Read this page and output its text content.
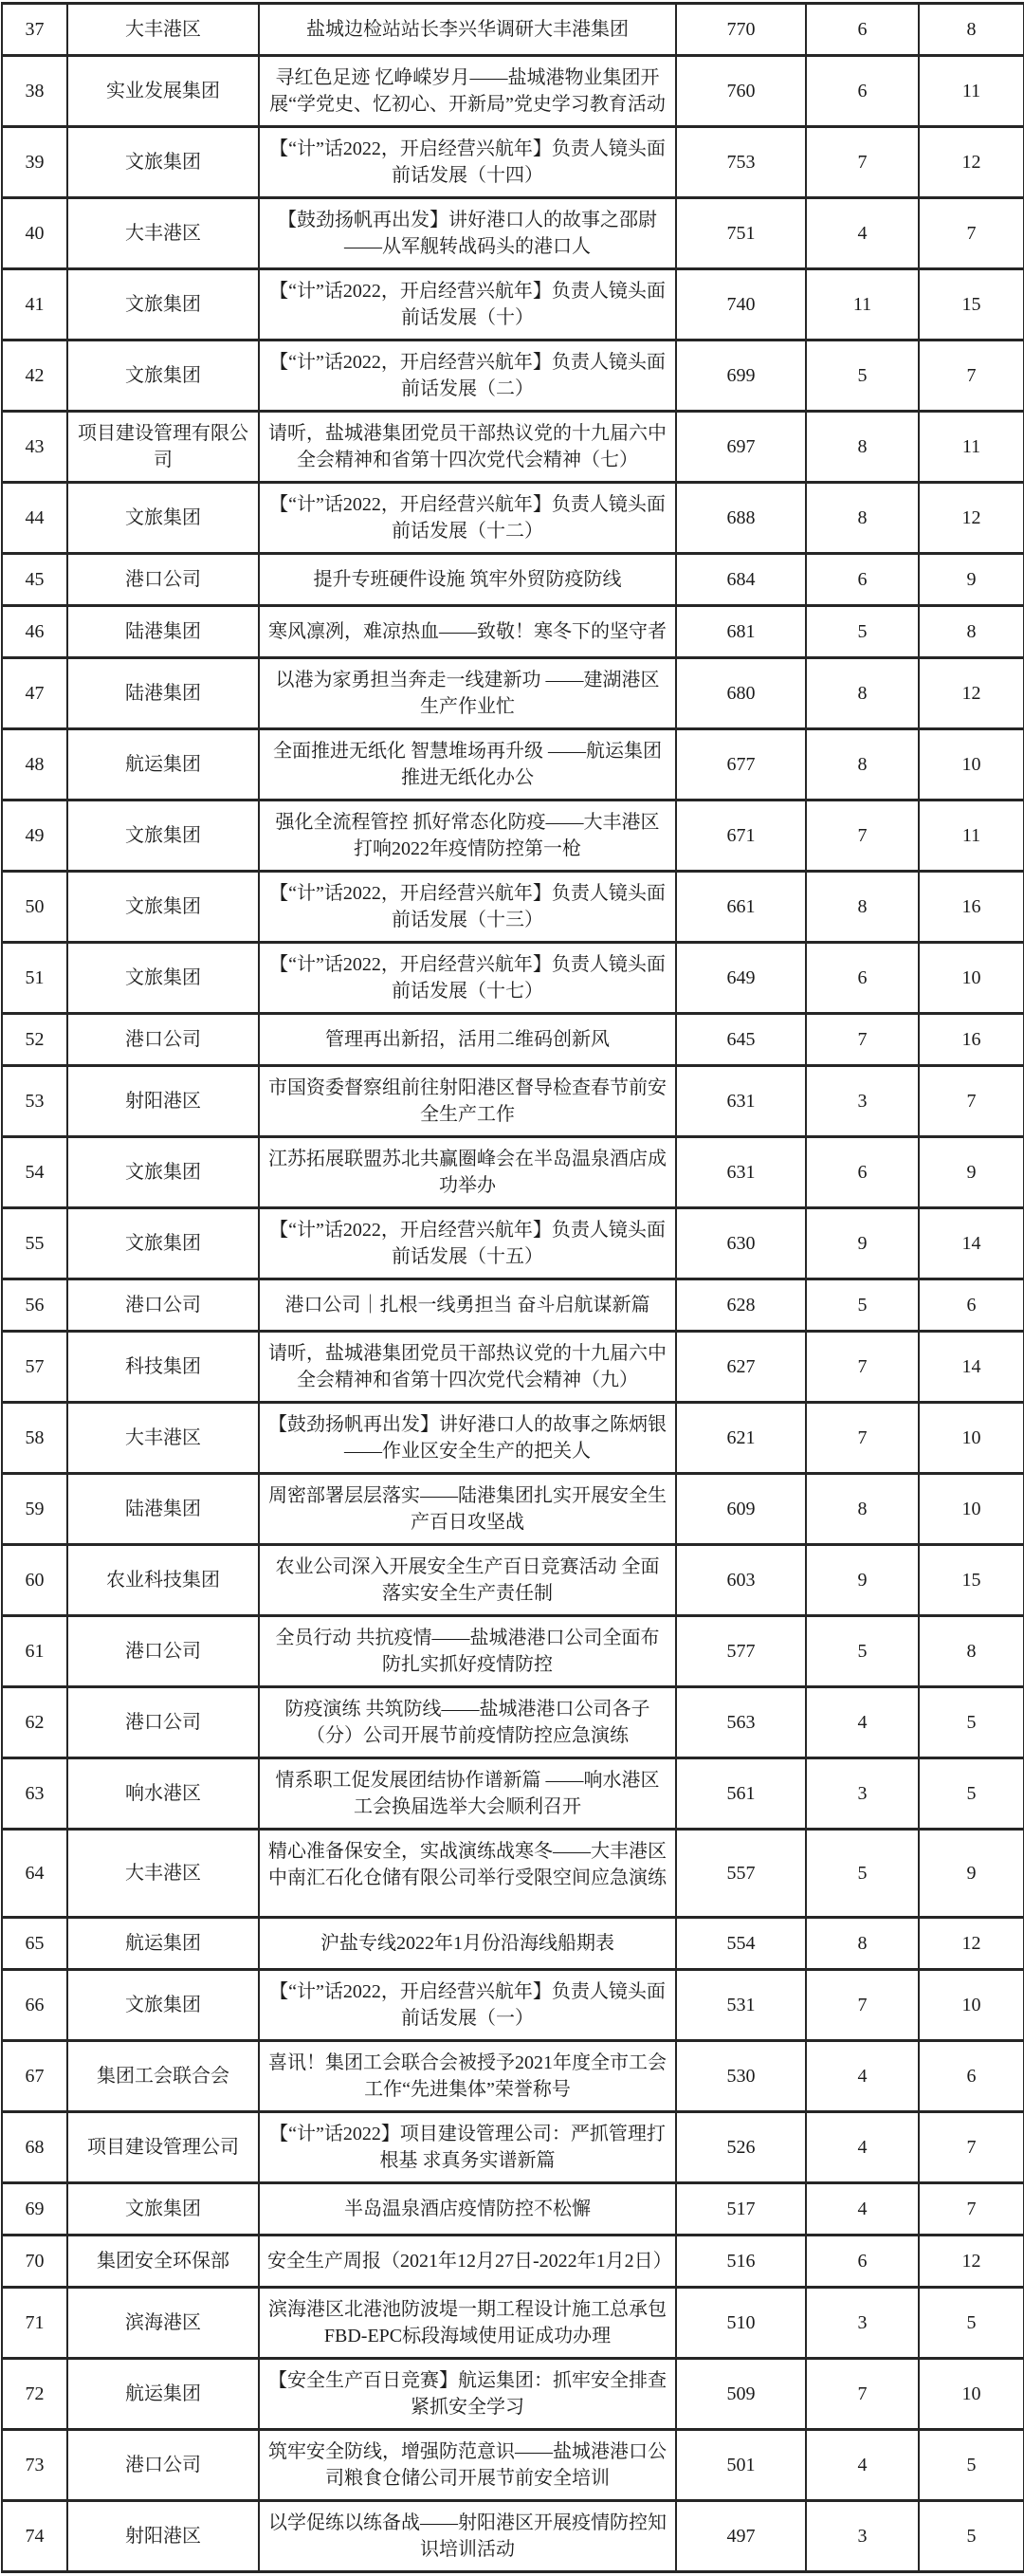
37	大丰港区	盐城边检站站长李兴华调研大丰港集团	770	6	8

38	实业发展集团	寻红色足迹 忆峥嵘岁月——盐城港物业集团开展“学党史、忆初心、开新局”党史学习教育活动	760	6	11

39	文旅集团	【“计”话2022，开启经营兴航年】负责人镜头面前话发展（十四）	753	7	12

40	大丰港区	【鼓劲扬帆再出发】讲好港口人的故事之邵尉——从军舰转战码头的港口人	751	4	7

41	文旅集团	【“计”话2022，开启经营兴航年】负责人镜头面前话发展（十）	740	11	15

42	文旅集团	【“计”话2022，开启经营兴航年】负责人镜头面前话发展（二）	699	5	7

43	项目建设管理有限公司	请听，盐城港集团党员干部热议党的十九届六中全会精神和省第十四次党代会精神（七）	697	8	11

44	文旅集团	【“计”话2022，开启经营兴航年】负责人镜头面前话发展（十二）	688	8	12

45	港口公司	提升专班硬件设施 筑牢外贸防疫防线	684	6	9

46	陆港集团	寒风凛冽，难凉热血——致敬！寒冬下的坚守者	681	5	8

47	陆港集团	以港为家勇担当奔走一线建新功 ——建湖港区生产作业忙	680	8	12

48	航运集团	全面推进无纸化 智慧堆场再升级 ——航运集团推进无纸化办公	677	8	10

49	文旅集团	强化全流程管控 抓好常态化防疫——大丰港区打响2022年疫情防控第一枪	671	7	11

50	文旅集团	【“计”话2022，开启经营兴航年】负责人镜头面前话发展（十三）	661	8	16

51	文旅集团	【“计”话2022，开启经营兴航年】负责人镜头面前话发展（十七）	649	6	10

52	港口公司	管理再出新招，活用二维码创新风	645	7	16

53	射阳港区	市国资委督察组前往射阳港区督导检查春节前安全生产工作	631	3	7

54	文旅集团	江苏拓展联盟苏北共赢圈峰会在半岛温泉酒店成功举办	631	6	9

55	文旅集团	【“计”话2022，开启经营兴航年】负责人镜头面前话发展（十五）	630	9	14

56	港口公司	港口公司｜扎根一线勇担当 奋斗启航谋新篇	628	5	6

57	科技集团	请听，盐城港集团党员干部热议党的十九届六中全会精神和省第十四次党代会精神（九）	627	7	14

58	大丰港区	【鼓劲扬帆再出发】讲好港口人的故事之陈炳银——作业区安全生产的把关人	621	7	10

59	陆港集团	周密部署层层落实——陆港集团扎实开展安全生产百日攻坚战	609	8	10

60	农业科技集团	农业公司深入开展安全生产百日竞赛活动 全面落实安全生产责任制	603	9	15

61	港口公司	全员行动 共抗疫情——盐城港港口公司全面布防扎实抓好疫情防控	577	5	8

62	港口公司	防疫演练 共筑防线——盐城港港口公司各子（分）公司开展节前疫情防控应急演练	563	4	5

63	响水港区	情系职工促发展团结协作谱新篇 ——响水港区工会换届选举大会顺利召开	561	3	5

64	大丰港区	精心准备保安全，实战演练战寒冬——大丰港区中南汇石化仓储有限公司举行受限空间应急演练	557	5	9

65	航运集团	沪盐专线2022年1月份沿海线船期表	554	8	12

66	文旅集团	【“计”话2022，开启经营兴航年】负责人镜头面前话发展（一）	531	7	10

67	集团工会联合会	喜讯！集团工会联合会被授予2021年度全市工会工作“先进集体”荣誉称号	530	4	6

68	项目建设管理公司	【“计”话2022】项目建设管理公司：严抓管理打根基 求真务实谱新篇	526	4	7

69	文旅集团	半岛温泉酒店疫情防控不松懈	517	4	7

70	集团安全环保部	安全生产周报（2021年12月27日-2022年1月2日）	516	6	12

71	滨海港区	滨海港区北港池防波堤一期工程设计施工总承包FBD-EPC标段海域使用证成功办理	510	3	5

72	航运集团	【安全生产百日竞赛】航运集团：抓牢安全排查紧抓安全学习	509	7	10

73	港口公司	筑牢安全防线，增强防范意识——盐城港港口公司粮食仓储公司开展节前安全培训	501	4	5

74	射阳港区	以学促练以练备战——射阳港区开展疫情防控知识培训活动	497	3	5
